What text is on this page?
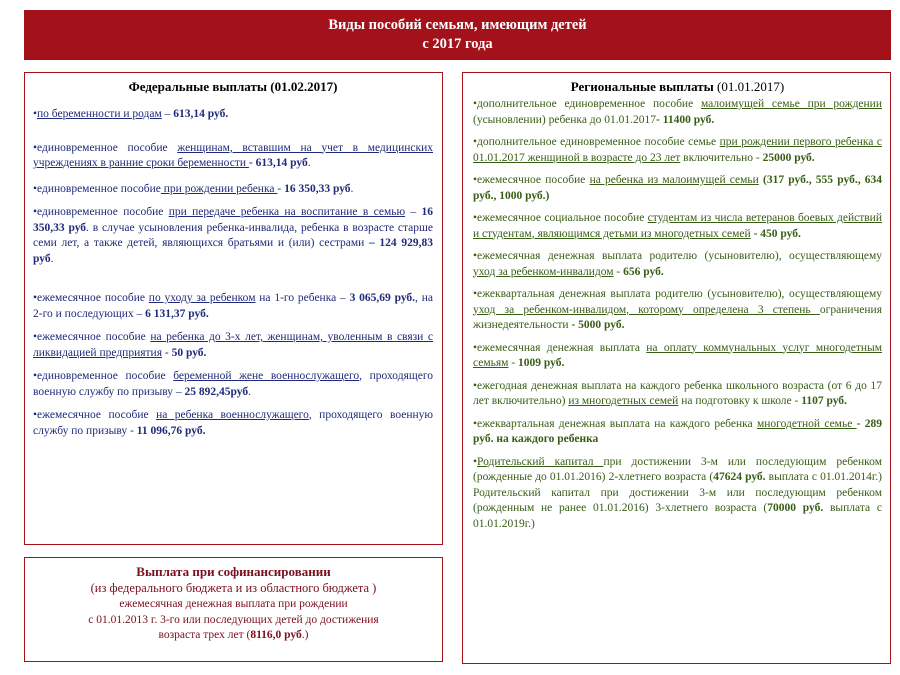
Виды пособий семьям, имеющим детей
с 2017 года
Федеральные выплаты (01.02.2017)

•по беременности и родам – 613,14 руб.

•единовременное пособие женщинам, вставшим на учет в медицинских учреждениях в ранние сроки беременности - 613,14 руб.

•единовременное пособие при рождении ребенка - 16 350,33 руб.

•единовременное пособие при передаче ребенка на воспитание в семью – 16 350,33 руб. в случае усыновления ребенка-инвалида, ребенка в возрасте старше семи лет, а также детей, являющихся братьями и (или) сестрами – 124 929,83 руб.

•ежемесячное пособие по уходу за ребенком на 1-го ребенка – 3 065,69 руб., на 2-го и последующих – 6 131,37 руб.

•ежемесячное пособие на ребенка до 3-х лет, женщинам, уволенным в связи с ликвидацией предприятия - 50 руб.

•единовременное пособие беременной жене военнослужащего, проходящего военную службу по призыву – 25 892,45руб.

•ежемесячное пособие на ребенка военнослужащего, проходящего военную службу по призыву - 11 096,76 руб.

Региональные выплаты (01.01.2017)

•дополнительное единовременное пособие малоимущей семье при рождении (усыновлении) ребенка до 01.01.2017- 11400 руб.

•дополнительное единовременное пособие семье при рождении первого ребенка с 01.01.2017 женщиной в возрасте до 23 лет включительно - 25000 руб.

•ежемесячное пособие на ребенка из малоимущей семьи (317 руб., 555 руб., 634 руб., 1000 руб.)

•ежемесячное социальное пособие студентам из числа ветеранов боевых действий и студентам, являющимся детьми из многодетных семей - 450 руб.

•ежемесячная денежная выплата родителю (усыновителю), осуществляющему уход за ребенком-инвалидом - 656 руб.

•ежеквартальная денежная выплата родителю (усыновителю), осуществляющему уход за ребенком-инвалидом, которому определена 3 степень ограничения жизнедеятельности - 5000 руб.

•ежемесячная денежная выплата на оплату коммунальных услуг многодетным семьям - 1009 руб.

•ежегодная денежная выплата на каждого ребенка школьного возраста (от 6 до 17 лет включительно) из многодетных семей на подготовку к школе - 1107 руб.

•ежеквартальная денежная выплата на каждого ребенка многодетной семье - 289 руб. на каждого ребенка

•Родительский капитал при достижении 3-м или последующим ребенком (рожденные до 01.01.2016) 2-хлетнего возраста (47624 руб. выплата с 01.01.2014г.) Родительский капитал при достижении 3-м или последующим ребенком (рожденным не ранее 01.01.2016) 3-хлетнего возраста (70000 руб. выплата с 01.01.2019г.)

Выплата при софинансировании
(из федерального бюджета и из областного бюджета )
ежемесячная денежная выплата при рождении
с 01.01.2013 г. 3-го или последующих детей до достижения
возраста трех лет (8116,0 руб.)
